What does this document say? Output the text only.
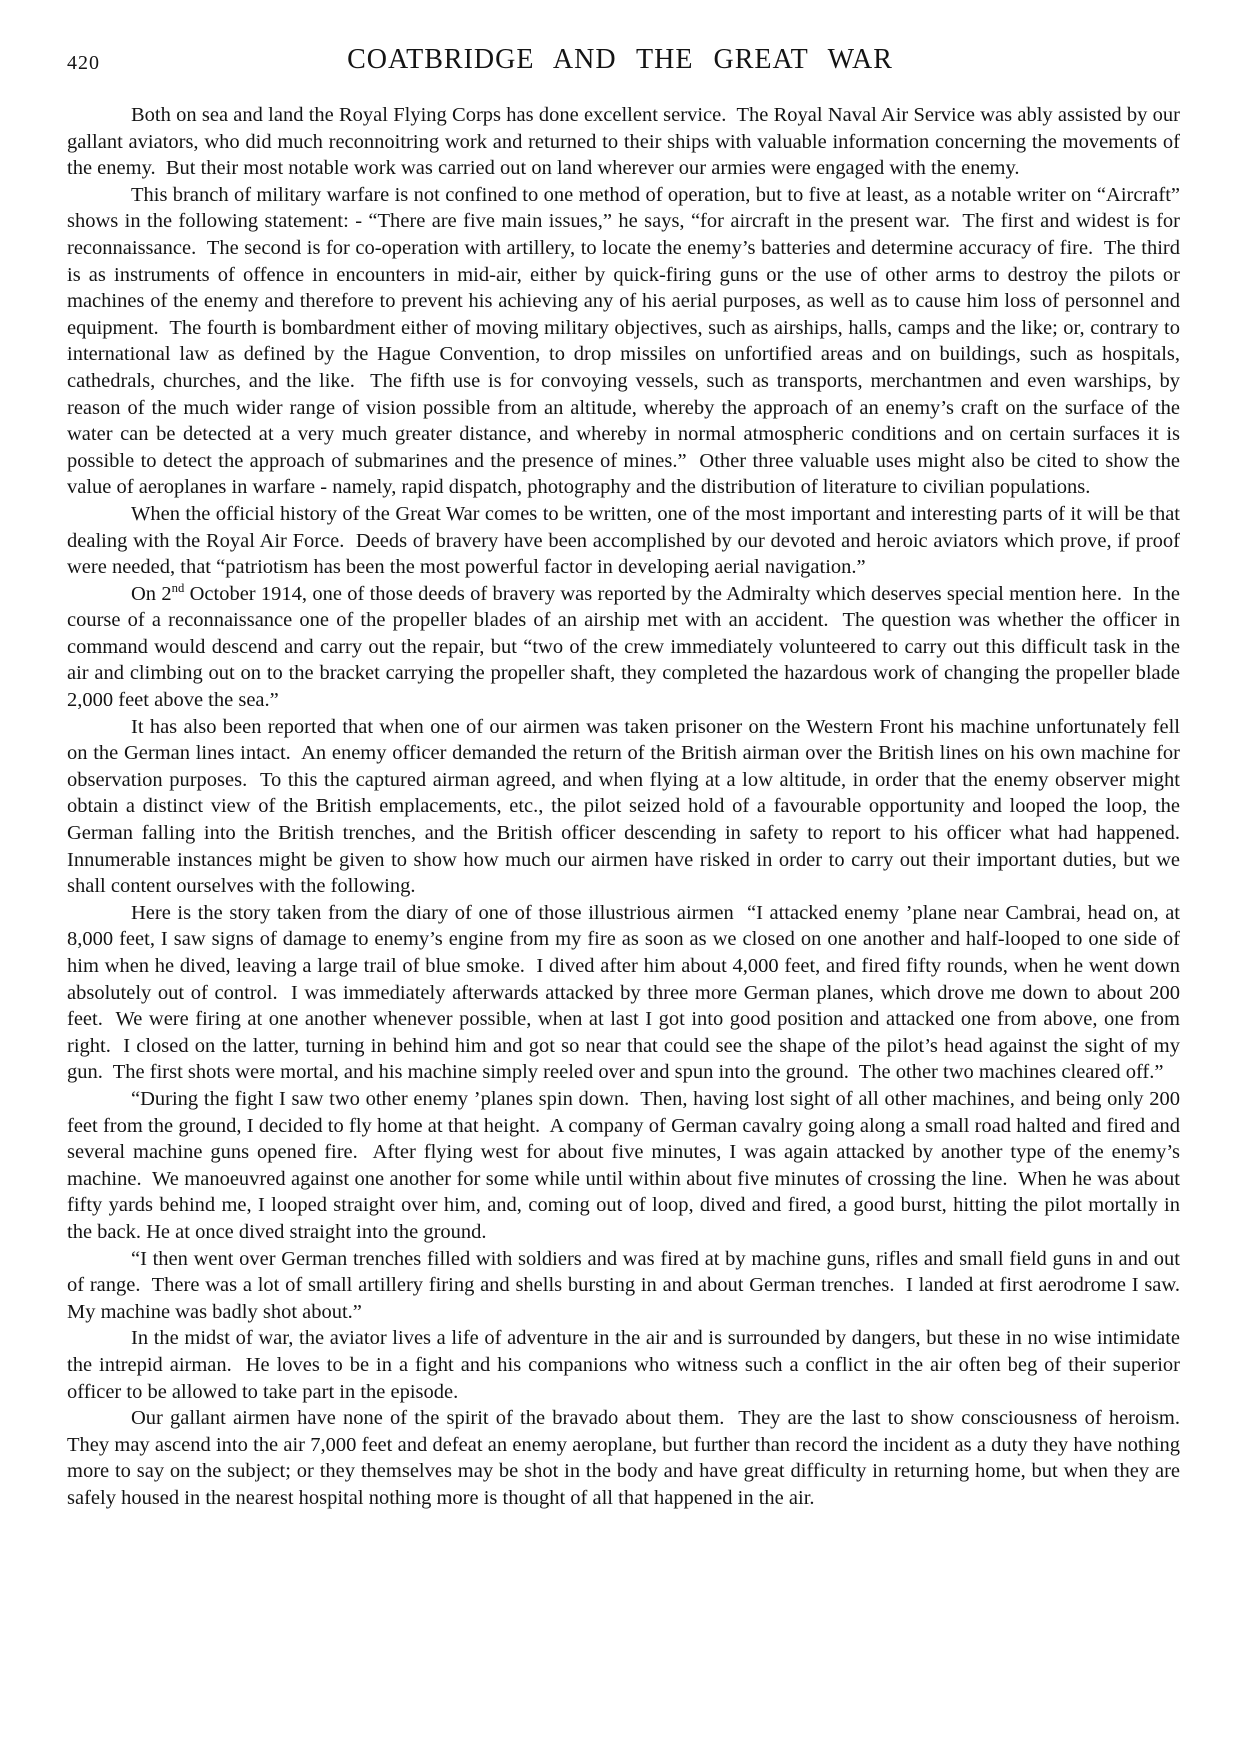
420	COATBRIDGE AND THE GREAT WAR

Both on sea and land the Royal Flying Corps has done excellent service.  The Royal Naval Air Service was ably assisted by our gallant aviators, who did much reconnoitring work and returned to their ships with valuable information concerning the movements of the enemy.  But their most notable work was carried out on land wherever our armies were engaged with the enemy.

This branch of military warfare is not confined to one method of operation, but to five at least, as a notable writer on “Aircraft” shows in the following statement: - “There are five main issues,” he says, “for aircraft in the present war.  The first and widest is for reconnaissance.  The second is for co-operation with artillery, to locate the enemy’s batteries and determine accuracy of fire.  The third is as instruments of offence in encounters in mid-air, either by quick-firing guns or the use of other arms to destroy the pilots or machines of the enemy and therefore to prevent his achieving any of his aerial purposes, as well as to cause him loss of personnel and equipment.  The fourth is bombardment either of moving military objectives, such as airships, halls, camps and the like; or, contrary to international law as defined by the Hague Convention, to drop missiles on unfortified areas and on buildings, such as hospitals, cathedrals, churches, and the like.  The fifth use is for convoying vessels, such as transports, merchantmen and even warships, by reason of the much wider range of vision possible from an altitude, whereby the approach of an enemy’s craft on the surface of the water can be detected at a very much greater distance, and whereby in normal atmospheric conditions and on certain surfaces it is possible to detect the approach of submarines and the presence of mines.”  Other three valuable uses might also be cited to show the value of aeroplanes in warfare - namely, rapid dispatch, photography and the distribution of literature to civilian populations.

When the official history of the Great War comes to be written, one of the most important and interesting parts of it will be that dealing with the Royal Air Force.  Deeds of bravery have been accomplished by our devoted and heroic aviators which prove, if proof were needed, that “patriotism has been the most powerful factor in developing aerial navigation.”

On 2nd October 1914, one of those deeds of bravery was reported by the Admiralty which deserves special mention here.  In the course of a reconnaissance one of the propeller blades of an airship met with an accident.  The question was whether the officer in command would descend and carry out the repair, but “two of the crew immediately volunteered to carry out this difficult task in the air and climbing out on to the bracket carrying the propeller shaft, they completed the hazardous work of changing the propeller blade 2,000 feet above the sea.”

It has also been reported that when one of our airmen was taken prisoner on the Western Front his machine unfortunately fell on the German lines intact.  An enemy officer demanded the return of the British airman over the British lines on his own machine for observation purposes.  To this the captured airman agreed, and when flying at a low altitude, in order that the enemy observer might obtain a distinct view of the British emplacements, etc., the pilot seized hold of a favourable opportunity and looped the loop, the German falling into the British trenches, and the British officer descending in safety to report to his officer what had happened.  Innumerable instances might be given to show how much our airmen have risked in order to carry out their important duties, but we shall content ourselves with the following.

Here is the story taken from the diary of one of those illustrious airmen  “I attacked enemy ’plane near Cambrai, head on, at 8,000 feet, I saw signs of damage to enemy’s engine from my fire as soon as we closed on one another and half-looped to one side of him when he dived, leaving a large trail of blue smoke.  I dived after him about 4,000 feet, and fired fifty rounds, when he went down absolutely out of control.  I was immediately afterwards attacked by three more German planes, which drove me down to about 200 feet.  We were firing at one another whenever possible, when at last I got into good position and attacked one from above, one from right.  I closed on the latter, turning in behind him and got so near that could see the shape of the pilot’s head against the sight of my gun.  The first shots were mortal, and his machine simply reeled over and spun into the ground.  The other two machines cleared off.”

“During the fight I saw two other enemy ’planes spin down.  Then, having lost sight of all other machines, and being only 200 feet from the ground, I decided to fly home at that height.  A company of German cavalry going along a small road halted and fired and several machine guns opened fire.  After flying west for about five minutes, I was again attacked by another type of the enemy’s machine.  We manoeuvred against one another for some while until within about five minutes of crossing the line.  When he was about fifty yards behind me, I looped straight over him, and, coming out of loop, dived and fired, a good burst, hitting the pilot mortally in the back. He at once dived straight into the ground.

“I then went over German trenches filled with soldiers and was fired at by machine guns, rifles and small field guns in and out of range.  There was a lot of small artillery firing and shells bursting in and about German trenches.  I landed at first aerodrome I saw.  My machine was badly shot about.”

In the midst of war, the aviator lives a life of adventure in the air and is surrounded by dangers, but these in no wise intimidate the intrepid airman.  He loves to be in a fight and his companions who witness such a conflict in the air often beg of their superior officer to be allowed to take part in the episode.

Our gallant airmen have none of the spirit of the bravado about them.  They are the last to show consciousness of heroism.  They may ascend into the air 7,000 feet and defeat an enemy aeroplane, but further than record the incident as a duty they have nothing more to say on the subject; or they themselves may be shot in the body and have great difficulty in returning home, but when they are safely housed in the nearest hospital nothing more is thought of all that happened in the air.
